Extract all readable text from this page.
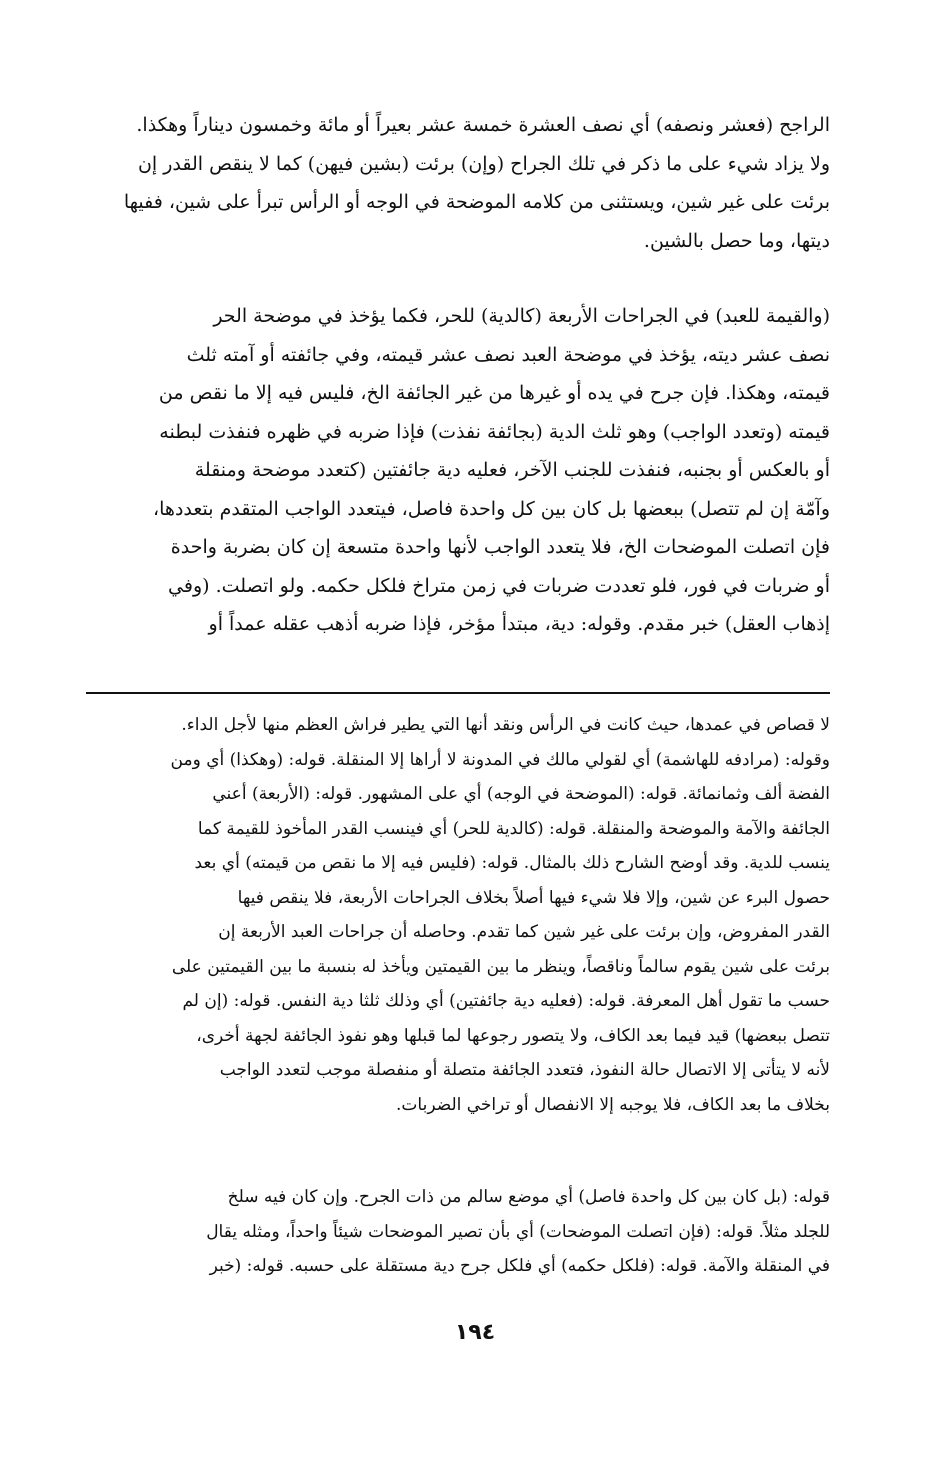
الراجح (فعشر ونصفه) أي نصف العشرة خمسة عشر بعيراً أو مائة وخمسون ديناراً وهكذا.
ولا يزاد شيء على ما ذكر في تلك الجراح (وإن) برئت (بشين فيهن) كما لا ينقص القدر إن
برئت على غير شين، ويستثنى من كلامه الموضحة في الوجه أو الرأس تبرأ على شين، ففيها
ديتها، وما حصل بالشين.
(والقيمة للعبد) في الجراحات الأربعة (كالدية) للحر، فكما يؤخذ في موضحة الحر
نصف عشر ديته، يؤخذ في موضحة العبد نصف عشر قيمته، وفي جائفته أو آمته ثلث
قيمته، وهكذا. فإن جرح في يده أو غيرها من غير الجائفة الخ، فليس فيه إلا ما نقص من
قيمته (وتعدد الواجب) وهو ثلث الدية (بجائفة نفذت) فإذا ضربه في ظهره فنفذت لبطنه
أو بالعكس أو بجنبه، فنفذت للجنب الآخر، فعليه دية جائفتين (كتعدد موضحة ومنقلة
وآمّة إن لم تتصل) ببعضها بل كان بين كل واحدة فاصل، فيتعدد الواجب المتقدم بتعددها،
فإن اتصلت الموضحات الخ، فلا يتعدد الواجب لأنها واحدة متسعة إن كان بضربة واحدة
أو ضربات في فور، فلو تعددت ضربات في زمن متراخ فلكل حكمه. ولو اتصلت. (وفي
إذهاب العقل) خبر مقدم. وقوله: دية، مبتدأ مؤخر، فإذا ضربه أذهب عقله عمداً أو
لا قصاص في عمدها، حيث كانت في الرأس ونقد أنها التي يطير فراش العظم منها لأجل الداء.
وقوله: (مرادفه للهاشمة) أي لقولي مالك في المدونة لا أراها إلا المنقلة. قوله: (وهكذا) أي ومن
الفضة ألف وثمانمائة. قوله: (الموضحة في الوجه) أي على المشهور. قوله: (الأربعة) أعني
الجائفة والآمة والموضحة والمنقلة. قوله: (كالدية للحر) أي فينسب القدر المأخوذ للقيمة كما
ينسب للدية. وقد أوضح الشارح ذلك بالمثال. قوله: (فليس فيه إلا ما نقص من قيمته) أي بعد
حصول البرء عن شين، وإلا فلا شيء فيها أصلاً بخلاف الجراحات الأربعة، فلا ينقص فيها
القدر المفروض، وإن برئت على غير شين كما تقدم. وحاصله أن جراحات العبد الأربعة إن
برئت على شين يقوم سالماً وناقصاً، وينظر ما بين القيمتين ويأخذ له بنسبة ما بين القيمتين على
حسب ما تقول أهل المعرفة. قوله: (فعليه دية جائفتين) أي وذلك ثلثا دية النفس. قوله: (إن لم
تتصل ببعضها) قيد فيما بعد الكاف، ولا يتصور رجوعها لما قبلها وهو نفوذ الجائفة لجهة أخرى،
لأنه لا يتأتى إلا الاتصال حالة النفوذ، فتعدد الجائفة متصلة أو منفصلة موجب لتعدد الواجب
بخلاف ما بعد الكاف، فلا يوجبه إلا الانفصال أو تراخي الضربات.
قوله: (بل كان بين كل واحدة فاصل) أي موضع سالم من ذات الجرح. وإن كان فيه سلخ
للجلد مثلاً. قوله: (فإن اتصلت الموضحات) أي بأن تصير الموضحات شيئاً واحداً، ومثله يقال
في المنقلة والآمة. قوله: (فلكل حكمه) أي فلكل جرح دية مستقلة على حسبه. قوله: (خبر
١٩٤
